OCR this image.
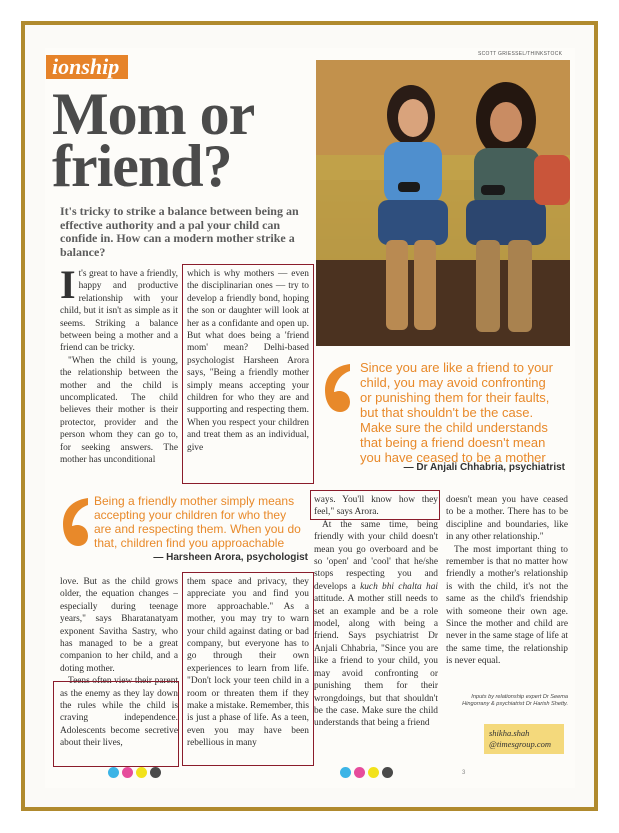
ionship	SCOTT GRIESSEL/THINKSTOCK
Mom or
friend?
It's tricky to strike a balance between being an effective authority and a pal your child can confide in. How can a modern mother strike a balance?

It's great to have a friendly, happy and productive relationship with your child, but it isn't as simple as it seems. Striking a balance between being a mother and a friend can be tricky.

"When the child is young, the relationship between the mother and the child is uncomplicated. The child believes their mother is their protector, provider and the person whom they can go to, for seeking answers. The mother has unconditional

which is why mothers — even the disciplinarian ones — try to develop a friendly bond, hoping the son or daughter will look at her as a confidante and open up. But what does being a 'friend mom' mean? Delhi-based psychologist Harsheen Arora says, "Being a friendly mother simply means accepting your children for who they are and supporting and respecting them. When you respect your children and treat them as an individual, give

Since you are like a friend to your child, you may avoid confronting or punishing them for their faults, but that shouldn't be the case. Make sure the child understands that being a friend doesn't mean you have ceased to be a mother
— Dr Anjali Chhabria, psychiatrist
Being a friendly mother simply means accepting your children for who they are and respecting them. When you do that, children find you approachable
— Harsheen Arora, psychologist

ways. You'll know how they feel," says Arora.

At the same time, being friendly with your child doesn't mean you go overboard and be so 'open' and 'cool' that he/she stops respecting you and develops a kuch bhi chalta hai attitude. A mother still needs to set an example and be a role model, along with being a friend. Says psychiatrist Dr Anjali Chhabria, "Since you are like a friend to your child, you may avoid confronting or punishing them for their wrongdoings, but that shouldn't be the case. Make sure the child understands that being a friend

doesn't mean you have ceased to be a mother. There has to be discipline and boundaries, like in any other relationship."

The most important thing to remember is that no matter how friendly a mother's relationship is with the child, it's not the same as the child's friendship with someone their own age. Since the mother and child are never in the same stage of life at the same time, the relationship is never equal.

love. But as the child grows older, the equation changes – especially during teenage years," says Bharatanatyam exponent Savitha Sastry, who has managed to be a great companion to her child, and a doting mother.

Teens often view their parent as the enemy as they lay down the rules while the child is craving independence. Adolescents become secretive about their lives,

them space and privacy, they appreciate you and find you more approachable." As a mother, you may try to warn your child against dating or bad company, but everyone has to go through their own experiences to learn from life. "Don't lock your teen child in a room or threaten them if they make a mistake. Remember, this is just a phase of life. As a teen, even you may have been rebellious in many

Inputs by relationship expert Dr Seema Hingorrany & psychiatrist Dr Harish Shetty.
shikha.shah
@timesgroup.com
3
